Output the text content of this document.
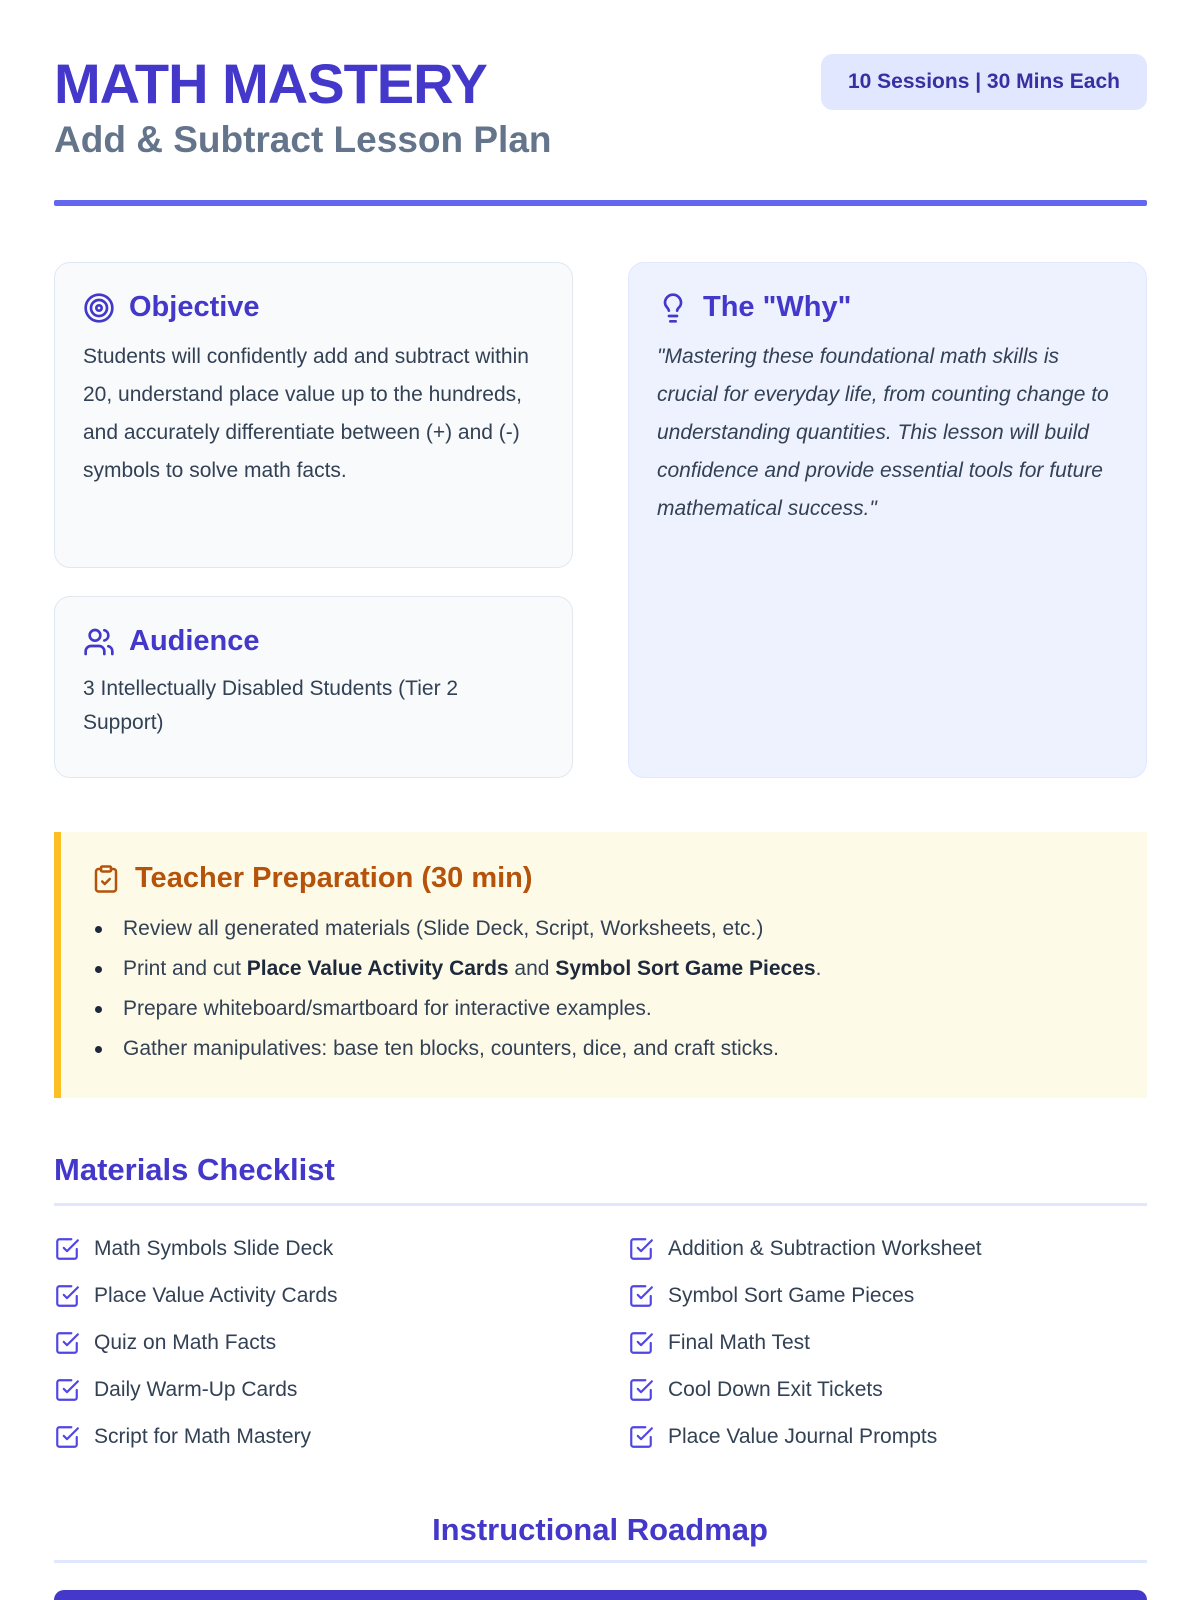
MATH MASTERY
Add & Subtract Lesson Plan
10 Sessions | 30 Mins Each
Objective
Students will confidently add and subtract within 20, understand place value up to the hundreds, and accurately differentiate between (+) and (-) symbols to solve math facts.
Audience
3 Intellectually Disabled Students (Tier 2 Support)
The "Why"
"Mastering these foundational math skills is crucial for everyday life, from counting change to understanding quantities. This lesson will build confidence and provide essential tools for future mathematical success."
Teacher Preparation (30 min)
Review all generated materials (Slide Deck, Script, Worksheets, etc.)
Print and cut Place Value Activity Cards and Symbol Sort Game Pieces.
Prepare whiteboard/smartboard for interactive examples.
Gather manipulatives: base ten blocks, counters, dice, and craft sticks.
Materials Checklist
Math Symbols Slide Deck	Addition & Subtraction Worksheet
Place Value Activity Cards	Symbol Sort Game Pieces
Quiz on Math Facts	Final Math Test
Daily Warm-Up Cards	Cool Down Exit Tickets
Script for Math Mastery	Place Value Journal Prompts
Instructional Roadmap
